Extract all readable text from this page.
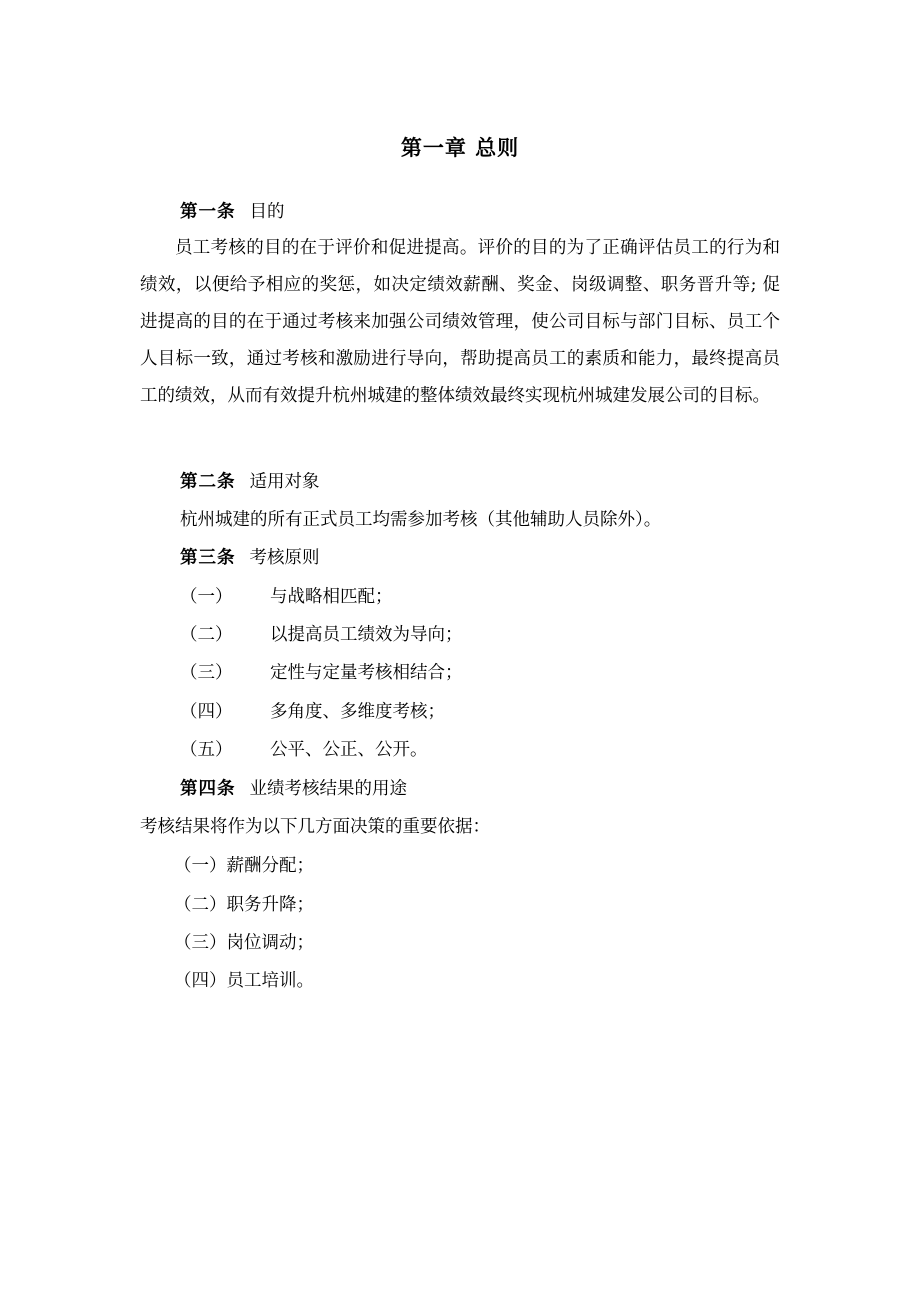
第一章 总则
第一条 目的
员工考核的目的在于评价和促进提高。评价的目的为了正确评估员工的行为和绩效，以便给予相应的奖惩，如决定绩效薪酬、奖金、岗级调整、职务晋升等; 促进提高的目的在于通过考核来加强公司绩效管理，使公司目标与部门目标、员工个人目标一致，通过考核和激励进行导向，帮助提高员工的素质和能力，最终提高员工的绩效，从而有效提升杭州城建的整体绩效最终实现杭州城建发展公司的目标。
第二条 适用对象
杭州城建的所有正式员工均需参加考核（其他辅助人员除外）。
第三条 考核原则
（一） 与战略相匹配；
（二） 以提高员工绩效为导向；
（三） 定性与定量考核相结合；
（四） 多角度、多维度考核；
（五） 公平、公正、公开。
第四条 业绩考核结果的用途
考核结果将作为以下几方面决策的重要依据：
（一）薪酬分配；
（二）职务升降；
（三）岗位调动；
（四）员工培训。
